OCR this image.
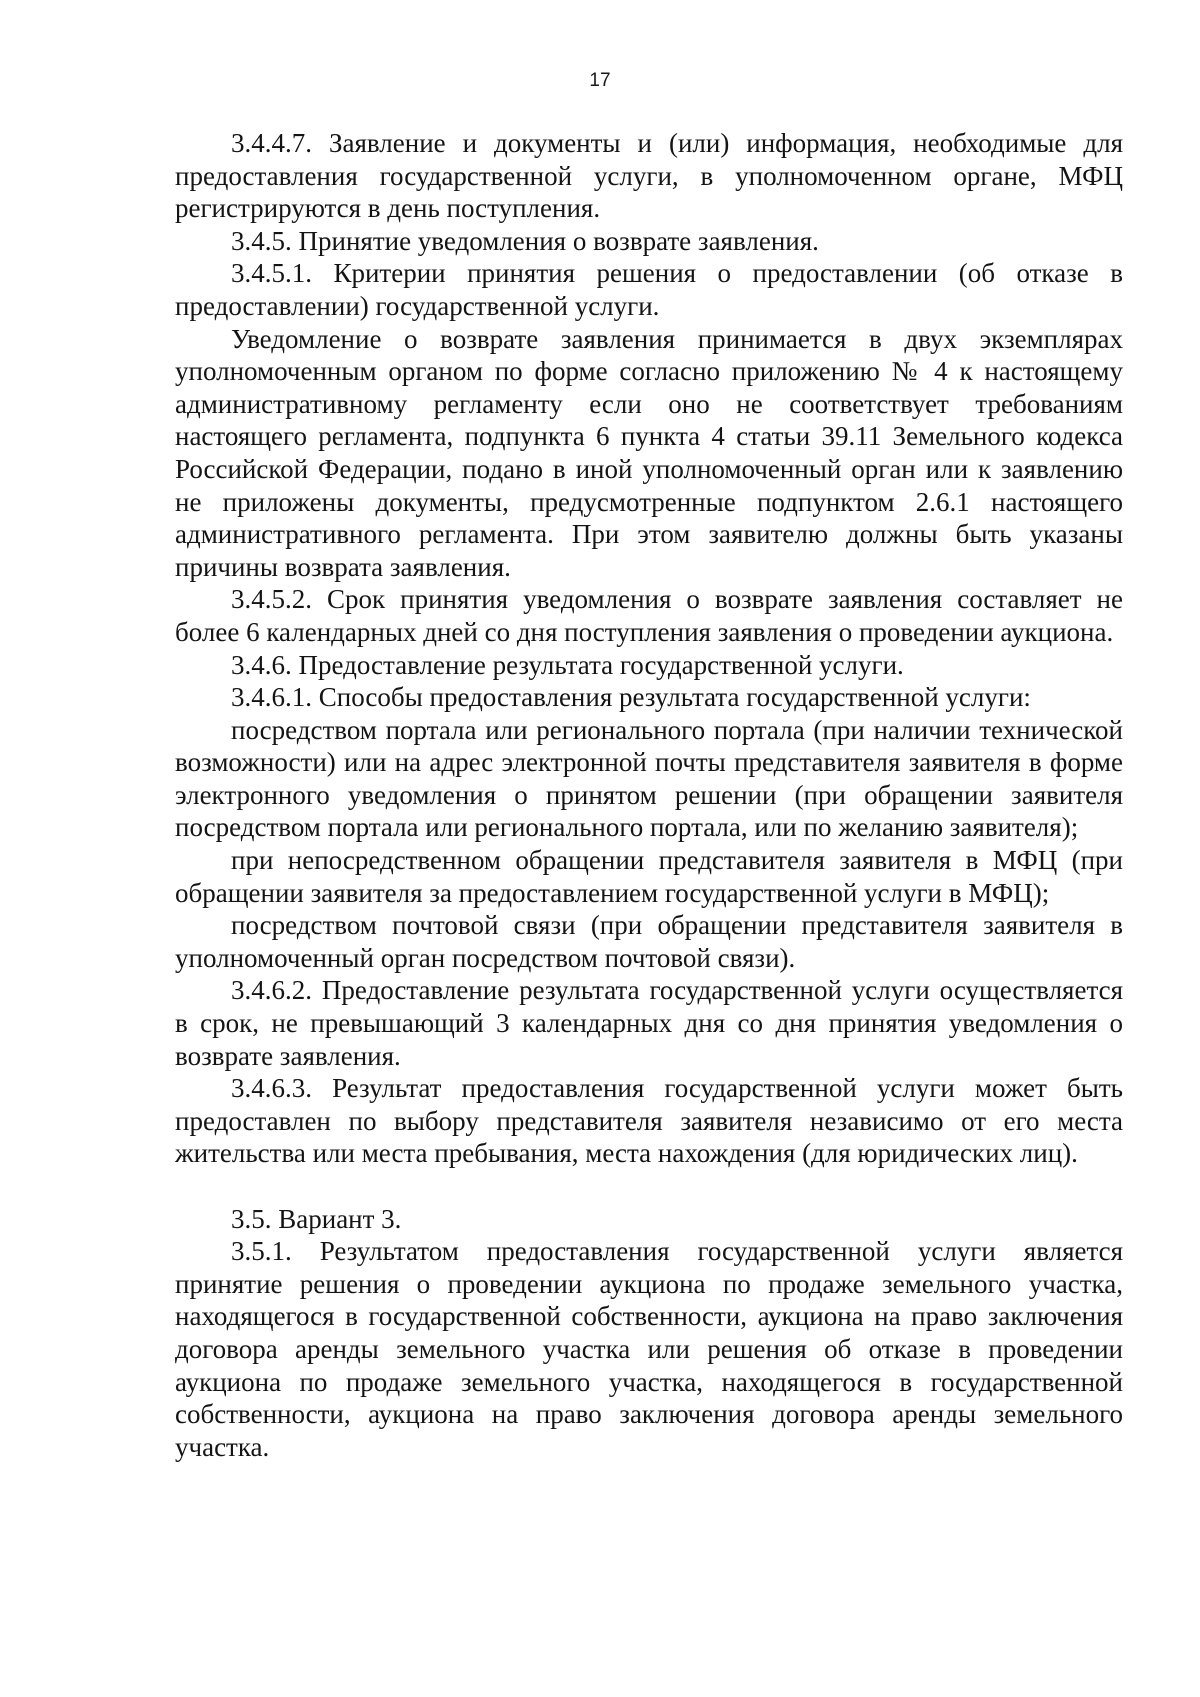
17

3.4.4.7. Заявление и документы и (или) информация, необходимые для предоставления государственной услуги, в уполномоченном органе, МФЦ регистрируются в день поступления.

3.4.5. Принятие уведомления о возврате заявления.

3.4.5.1. Критерии принятия решения о предоставлении (об отказе в предоставлении) государственной услуги.

Уведомление о возврате заявления принимается в двух экземплярах уполномоченным органом по форме согласно приложению № 4 к настоящему административному регламенту если оно не соответствует требованиям настоящего регламента, подпункта 6 пункта 4 статьи 39.11 Земельного кодекса Российской Федерации, подано в иной уполномоченный орган или к заявлению не приложены документы, предусмотренные подпунктом 2.6.1 настоящего административного регламента. При этом заявителю должны быть указаны причины возврата заявления.

3.4.5.2. Срок принятия уведомления о возврате заявления составляет не более 6 календарных дней со дня поступления заявления о проведении аукциона.

3.4.6. Предоставление результата государственной услуги.

3.4.6.1. Способы предоставления результата государственной услуги:

посредством портала или регионального портала (при наличии технической возможности) или на адрес электронной почты представителя заявителя в форме электронного уведомления о принятом решении (при обращении заявителя посредством портала или регионального портала, или по желанию заявителя);

при непосредственном обращении представителя заявителя в МФЦ (при обращении заявителя за предоставлением государственной услуги в МФЦ);

посредством почтовой связи (при обращении представителя заявителя в уполномоченный орган посредством почтовой связи).

3.4.6.2. Предоставление результата государственной услуги осуществляется в срок, не превышающий 3 календарных дня со дня принятия уведомления о возврате заявления.

3.4.6.3. Результат предоставления государственной услуги может быть предоставлен по выбору представителя заявителя независимо от его места жительства или места пребывания, места нахождения (для юридических лиц).

3.5. Вариант 3.

3.5.1. Результатом предоставления государственной услуги является принятие решения о проведении аукциона по продаже земельного участка, находящегося в государственной собственности, аукциона на право заключения договора аренды земельного участка или решения об отказе в проведении аукциона по продаже земельного участка, находящегося в государственной собственности, аукциона на право заключения договора аренды земельного участка.
